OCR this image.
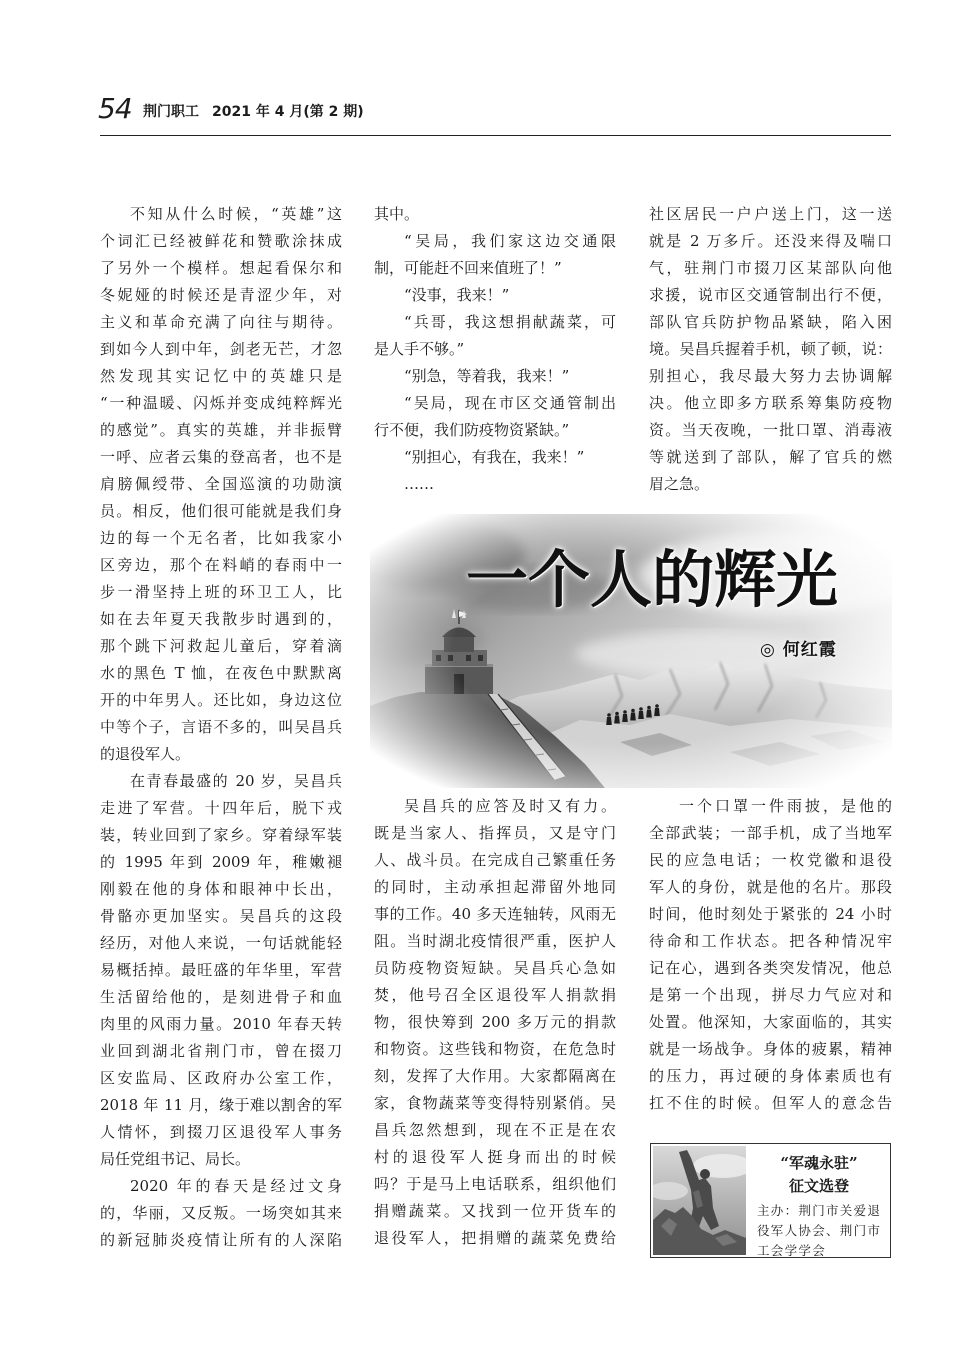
54 荆门职工 2021 年 4 月(第 2 期)
不知从什么时候，“英雄”这
个词汇已经被鲜花和赞歌涂抹成
了另外一个模样。想起看保尔和
冬妮娅的时候还是青涩少年，对
主义和革命充满了向往与期待。
到如今人到中年，剑老无芒，才忽
然发现其实记忆中的英雄只是
“一种温暖、闪烁并变成纯粹辉光
的感觉”。真实的英雄，并非振臂
一呼、应者云集的登高者，也不是
肩膀佩绶带、全国巡演的功勋演
员。相反，他们很可能就是我们身
边的每一个无名者，比如我家小
区旁边，那个在料峭的春雨中一
步一滑坚持上班的环卫工人，比
如在去年夏天我散步时遇到的，
那个跳下河救起儿童后，穿着滴
水的黑色 T 恤，在夜色中默默离
开的中年男人。还比如，身边这位
中等个子，言语不多的，叫吴昌兵
的退役军人。
在青春最盛的 20 岁，吴昌兵
走进了军营。十四年后，脱下戎
装，转业回到了家乡。穿着绿军装
的 1995 年到 2009 年，稚嫩褪
刚毅在他的身体和眼神中长出，
骨骼亦更加坚实。吴昌兵的这段
经历，对他人来说，一句话就能轻
易概括掉。最旺盛的年华里，军营
生活留给他的，是刻进骨子和血
肉里的风雨力量。2010 年春天转
业回到湖北省荆门市，曾在掇刀
区安监局、区政府办公室工作，
2018 年 11 月，缘于难以割舍的军
人情怀，到掇刀区退役军人事务
局任党组书记、局长。
2020 年的春天是经过文身
的，华丽，又反叛。一场突如其来
的新冠肺炎疫情让所有的人深陷
其中。
“吴局，我们家这边交通限
制，可能赶不回来值班了！”
“没事，我来！”
“兵哥，我这想捐献蔬菜，可
是人手不够。”
“别急，等着我，我来！”
“吴局，现在市区交通管制出
行不便，我们防疫物资紧缺。”
“别担心，有我在，我来！”
……
社区居民一户户送上门，这一送
就是 2 万多斤。还没来得及喘口
气，驻荆门市掇刀区某部队向他
求援，说市区交通管制出行不便，
部队官兵防护物品紧缺，陷入困
境。吴昌兵握着手机，顿了顿，说：
别担心，我尽最大努力去协调解
决。他立即多方联系筹集防疫物
资。当天夜晚，一批口罩、消毒液
等就送到了部队，解了官兵的燃
眉之急。
吴昌兵的应答及时又有力。
既是当家人、指挥员，又是守门
人、战斗员。在完成自己繁重任务
的同时，主动承担起滞留外地同
事的工作。40 多天连轴转，风雨无
阻。当时湖北疫情很严重，医护人
员防疫物资短缺。吴昌兵心急如
焚，他号召全区退役军人捐款捐
物，很快筹到 200 多万元的捐款
和物资。这些钱和物资，在危急时
刻，发挥了大作用。大家都隔离在
家，食物蔬菜等变得特别紧俏。吴
昌兵忽然想到，现在不正是在农
村的退役军人挺身而出的时候
吗？于是马上电话联系，组织他们
捐赠蔬菜。又找到一位开货车的
退役军人，把捐赠的蔬菜免费给
一个口罩一件雨披，是他的
全部武装；一部手机，成了当地军
民的应急电话；一枚党徽和退役
军人的身份，就是他的名片。那段
时间，他时刻处于紧张的 24 小时
待命和工作状态。把各种情况牢
记在心，遇到各类突发情况，他总
是第一个出现，拼尽力气应对和
处置。他深知，大家面临的，其实
就是一场战争。身体的疲累，精神
的压力，再过硬的身体素质也有
扛不住的时候。但军人的意念告
一个人的辉光
◎ 何红霞
“军魂永驻”
征文选登
主办：荆门市关爱退
役军人协会、荆门市
工会学学会
